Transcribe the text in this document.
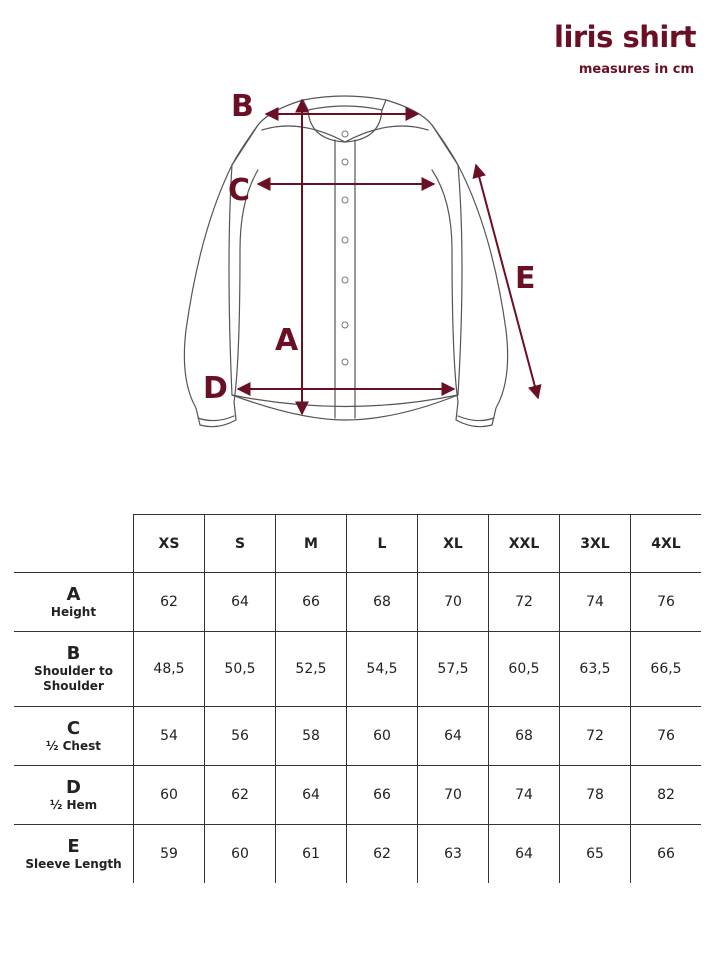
liris shirt
measures in cm
B
C
A
D
E
	XS	S	M	L	XL	XXL	3XL	4XL

A
Height	62	64	66	68	70	72	74	76

B
Shoulder to Shoulder	48,5	50,5	52,5	54,5	57,5	60,5	63,5	66,5

C
½ Chest	54	56	58	60	64	68	72	76

D
½ Hem	60	62	64	66	70	74	78	82

E
Sleeve Length	59	60	61	62	63	64	65	66
